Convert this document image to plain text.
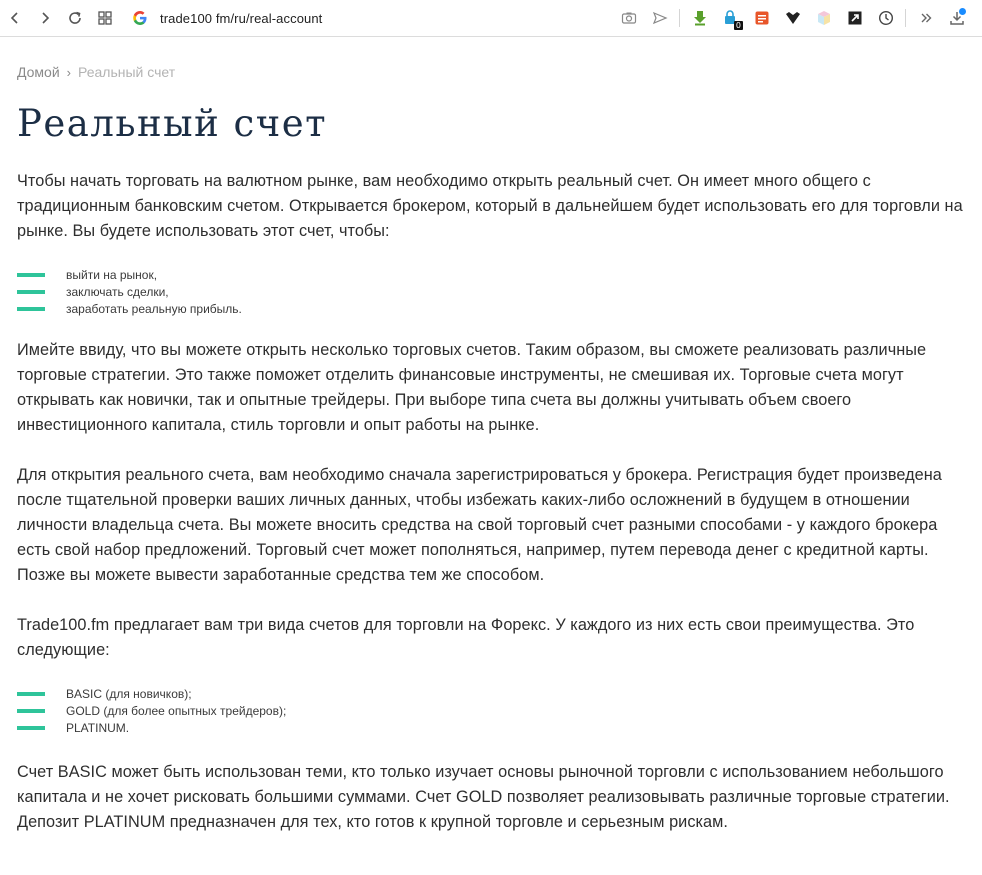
trade100 fm/ru/real-account	0
Домой › Реальный счет
Реальный счет

Чтобы начать торговать на валютном рынке, вам необходимо открыть реальный счет. Он имеет много общего с традиционным банковским счетом. Открывается брокером, который в дальнейшем будет использовать его для торговли на рынке. Вы будете использовать этот счет, чтобы:

выйти на рынок,
заключать сделки,
заработать реальную прибыль.

Имейте ввиду, что вы можете открыть несколько торговых счетов. Таким образом, вы сможете реализовать различные торговые стратегии. Это также поможет отделить финансовые инструменты, не смешивая их. Торговые счета могут открывать как новички, так и опытные трейдеры. При выборе типа счета вы должны учитывать объем своего инвестиционного капитала, стиль торговли и опыт работы на рынке.

Для открытия реального счета, вам необходимо сначала зарегистрироваться у брокера. Регистрация будет произведена после тщательной проверки ваших личных данных, чтобы избежать каких-либо осложнений в будущем в отношении личности владельца счета. Вы можете вносить средства на свой торговый счет разными способами - у каждого брокера есть свой набор предложений. Торговый счет может пополняться, например, путем перевода денег с кредитной карты. Позже вы можете вывести заработанные средства тем же способом.

Trade100.fm предлагает вам три вида счетов для торговли на Форекс. У каждого из них есть свои преимущества. Это следующие:

BASIC (для новичков);
GOLD (для более опытных трейдеров);
PLATINUM.

Счет BASIC может быть использован теми, кто только изучает основы рыночной торговли с использованием небольшого капитала и не хочет рисковать большими суммами. Счет GOLD позволяет реализовывать различные торговые стратегии. Депозит PLATINUM предназначен для тех, кто готов к крупной торговле и серьезным рискам.
